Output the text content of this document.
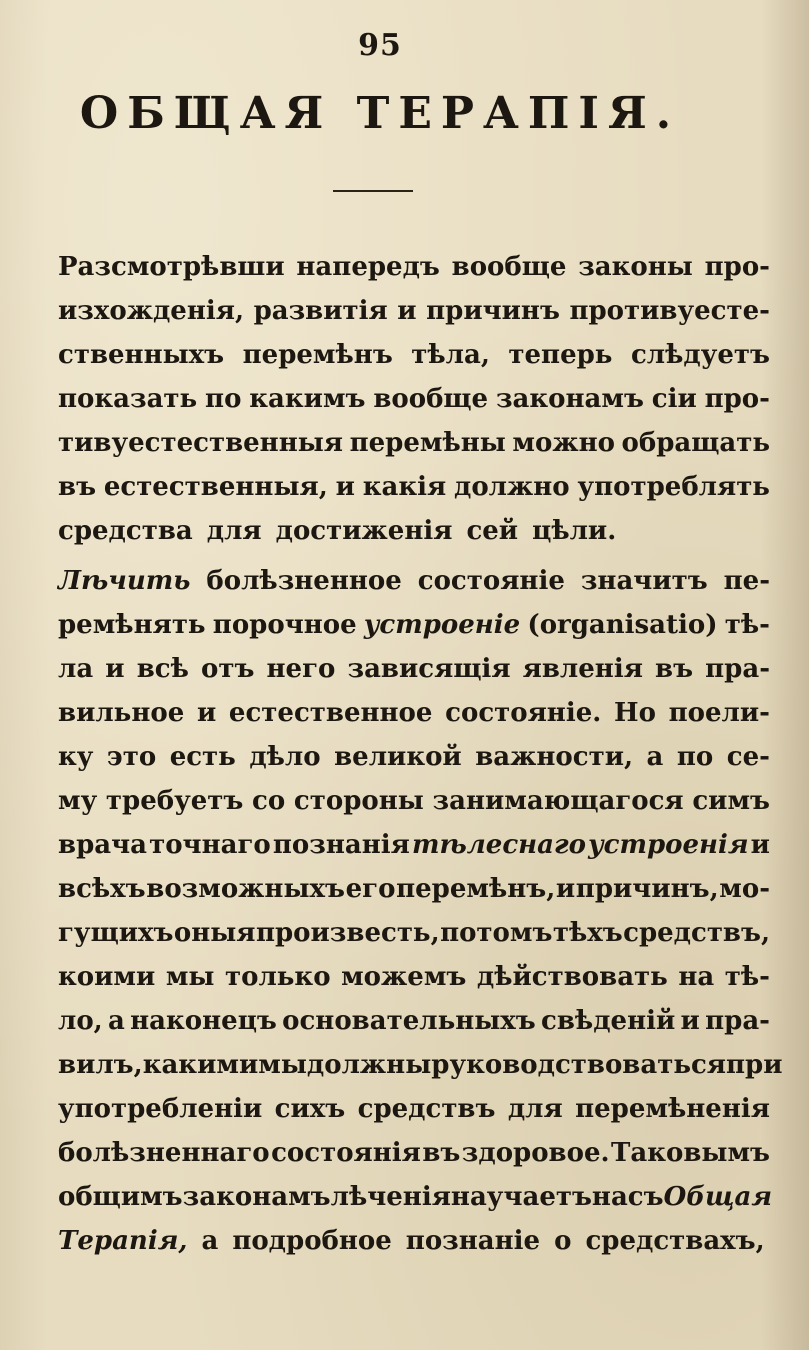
95
ОБЩАЯ ТЕРАПІЯ.
Разсмотрѣвши напередъ вообще законы про-
изхожденія, развитія и причинъ противуесте-
ственныхъ перемѣнъ тѣла, теперь слѣдуетъ
показать по какимъ вообще законамъ сіи про-
тивуестественныя перемѣны можно обращать
въ естественныя, и какія должно употреблять
средства для достиженія сей цѣли.
Лѣчить болѣзненное состояніе значитъ пе-
ремѣнять порочное устроеніе (organisatio) тѣ-
ла и всѣ отъ него зависящія явленія въ пра-
вильное и естественное состояніе. Но поели-
ку это есть дѣло великой важности, а по се-
му требуетъ со стороны занимающагося симъ
врача точнаго познанія тѣлеснаго устроенія и
всѣхъ возможныхъ его перемѣнъ, и причинъ, мо-
гущихъ оныя произвесть, потомъ тѣхъ средствъ,
коими мы только можемъ дѣйствовать на тѣ-
ло, а наконецъ основательныхъ свѣденій и пра-
вилъ, какими мы должны руководствоваться при
употребленіи сихъ средствъ для перемѣненія
болѣзненнаго состоянія въ здоровое. Таковымъ
общимъ законамъ лѣченія научаетъ насъ Общая
Терапія, а подробное познаніе о средствахъ,
